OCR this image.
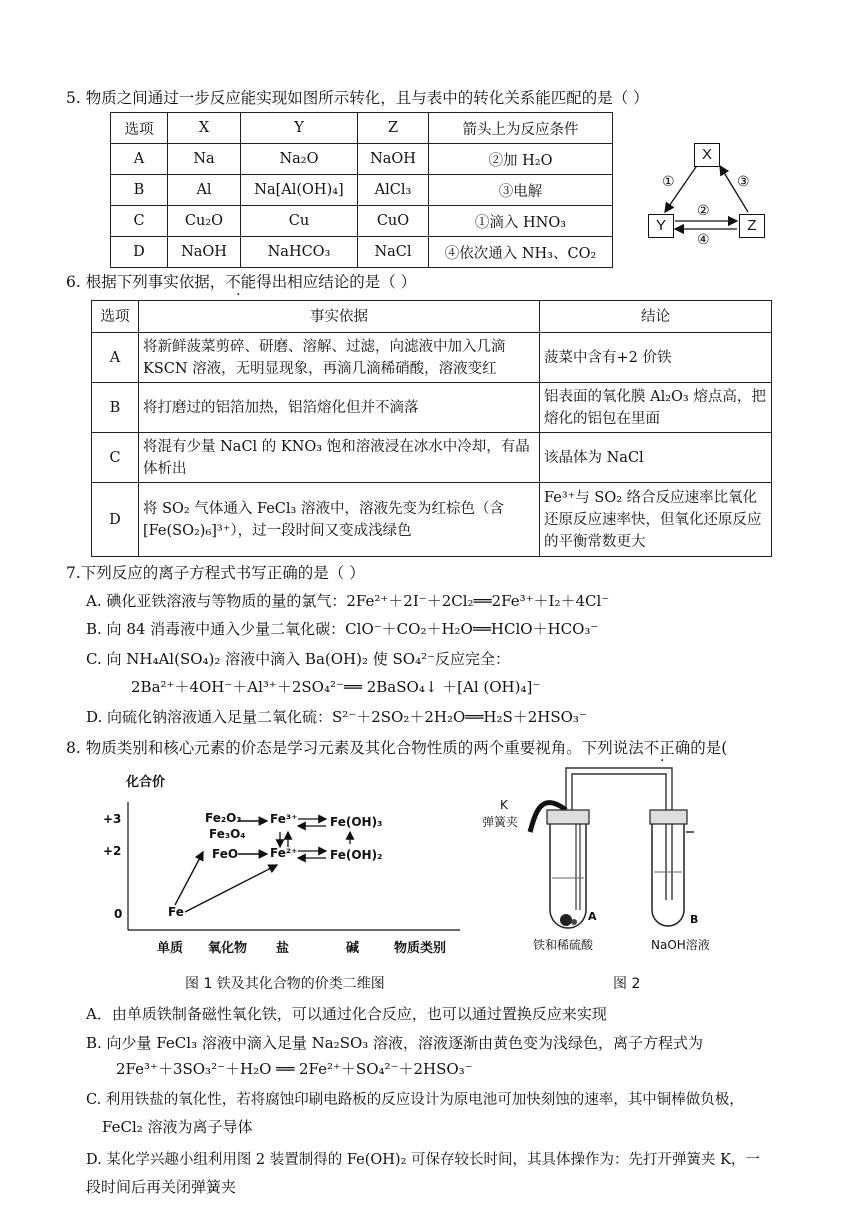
5. 物质之间通过一步反应能实现如图所示转化，且与表中的转化关系能匹配的是（ ）
选项	X	Y	Z	箭头上为反应条件
A	Na	Na₂O	NaOH	②加 H₂O
B	Al	Na[Al(OH)₄]	AlCl₃	③电解
C	Cu₂O	Cu	CuO	①滴入 HNO₃
D	NaOH	NaHCO₃	NaCl	④依次通入 NH₃、CO₂
X
Y	Z
①	③
②
④
6. 根据下列事实依据，不能得出相应结论的是（ ）
选项	事实依据	结论
A	将新鲜菠菜剪碎、研磨、溶解、过滤，向滤液中加入几滴 KSCN 溶液，无明显现象，再滴几滴稀硝酸，溶液变红	菠菜中含有+2 价铁
B	将打磨过的铝箔加热，铝箔熔化但并不滴落	铝表面的氧化膜 Al₂O₃ 熔点高，把熔化的铝包在里面
C	将混有少量 NaCl 的 KNO₃ 饱和溶液浸在冰水中冷却，有晶体析出	该晶体为 NaCl
D	将 SO₂ 气体通入 FeCl₃ 溶液中，溶液先变为红棕色（含[Fe(SO₂)₆]³⁺），过一段时间又变成浅绿色	Fe³⁺与 SO₂ 络合反应速率比氧化还原反应速率快，但氧化还原反应的平衡常数更大
7.下列反应的离子方程式书写正确的是（ ）
A. 碘化亚铁溶液与等物质的量的氯气：2Fe²⁺＋2I⁻＋2Cl₂══2Fe³⁺＋I₂＋4Cl⁻
B. 向 84 消毒液中通入少量二氧化碳：ClO⁻＋CO₂＋H₂O══HClO＋HCO₃⁻
C. 向 NH₄Al(SO₄)₂ 溶液中滴入 Ba(OH)₂ 使 SO₄²⁻反应完全：
2Ba²⁺＋4OH⁻＋Al³⁺＋2SO₄²⁻══ 2BaSO₄↓ ＋[Al (OH)₄]⁻
D. 向硫化钠溶液通入足量二氧化硫：S²⁻＋2SO₂＋2H₂O══H₂S＋2HSO₃⁻
8. 物质类别和核心元素的价态是学习元素及其化合物性质的两个重要视角。下列说法不正确的是(
化合价
+3
+2
0
Fe₂O₃
Fe₃O₄
FeO
Fe³⁺
Fe²⁺
Fe(OH)₃
Fe(OH)₂
Fe
单质 氧化物 盐	碱	物质类别
图 1 铁及其化合物的价类二维图
K
弹簧夹
A	B
铁和稀硫酸	NaOH溶液
图 2
A．由单质铁制备磁性氧化铁，可以通过化合反应，也可以通过置换反应来实现
B. 向少量 FeCl₃ 溶液中滴入足量 Na₂SO₃ 溶液，溶液逐渐由黄色变为浅绿色，离子方程式为
2Fe³⁺＋3SO₃²⁻＋H₂O ══ 2Fe²⁺＋SO₄²⁻＋2HSO₃⁻
C. 利用铁盐的氧化性，若将腐蚀印刷电路板的反应设计为原电池可加快刻蚀的速率，其中铜棒做负极，
FeCl₂ 溶液为离子导体
D. 某化学兴趣小组利用图 2 装置制得的 Fe(OH)₂ 可保存较长时间，其具体操作为：先打开弹簧夹 K，一
段时间后再关闭弹簧夹
